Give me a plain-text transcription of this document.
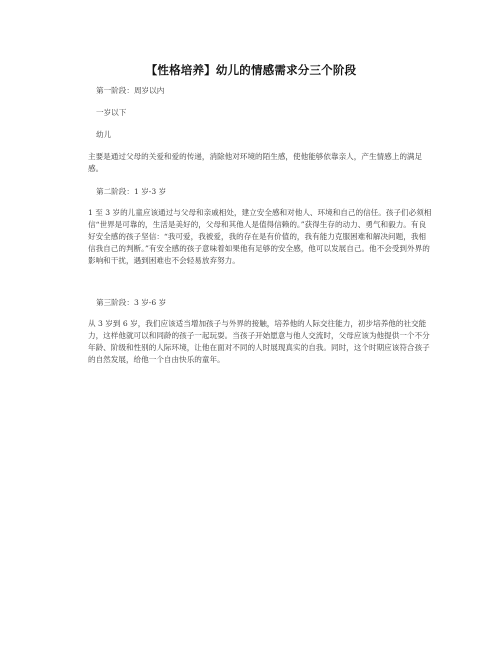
【性格培养】幼儿的情感需求分三个阶段
第一阶段：周岁以内
一岁以下
幼儿
主要是通过父母的关爱和爱的传递，消除他对环境的陌生感，使他能够依靠亲人，产生情感上的满足感。
第二阶段：1 岁-3 岁
1 至 3 岁的儿童应该通过与父母和亲戚相处，建立安全感和对他人、环境和自己的信任。孩子们必须相信“世界是可靠的，生活是美好的，父母和其他人是值得信赖的。”获得生存的动力、勇气和毅力。有良好安全感的孩子坚信：“我可爱，我被爱，我的存在是有价值的，我有能力克服困难和解决问题，我相信我自己的判断。”有安全感的孩子意味着如果他有足够的安全感，他可以发展自己。他不会受到外界的影响和干扰，遇到困难也不会轻易放弃努力。
第三阶段：3 岁-6 岁
从 3 岁到 6 岁，我们应该适当增加孩子与外界的接触，培养他的人际交往能力，初步培养他的社交能力，这样他就可以和同龄的孩子一起玩耍。当孩子开始愿意与他人交流时，父母应该为他提供一个不分年龄、阶级和性别的人际环境，让他在面对不同的人时展现真实的自我。同时，这个时期应该符合孩子的自然发展，给他一个自由快乐的童年。
